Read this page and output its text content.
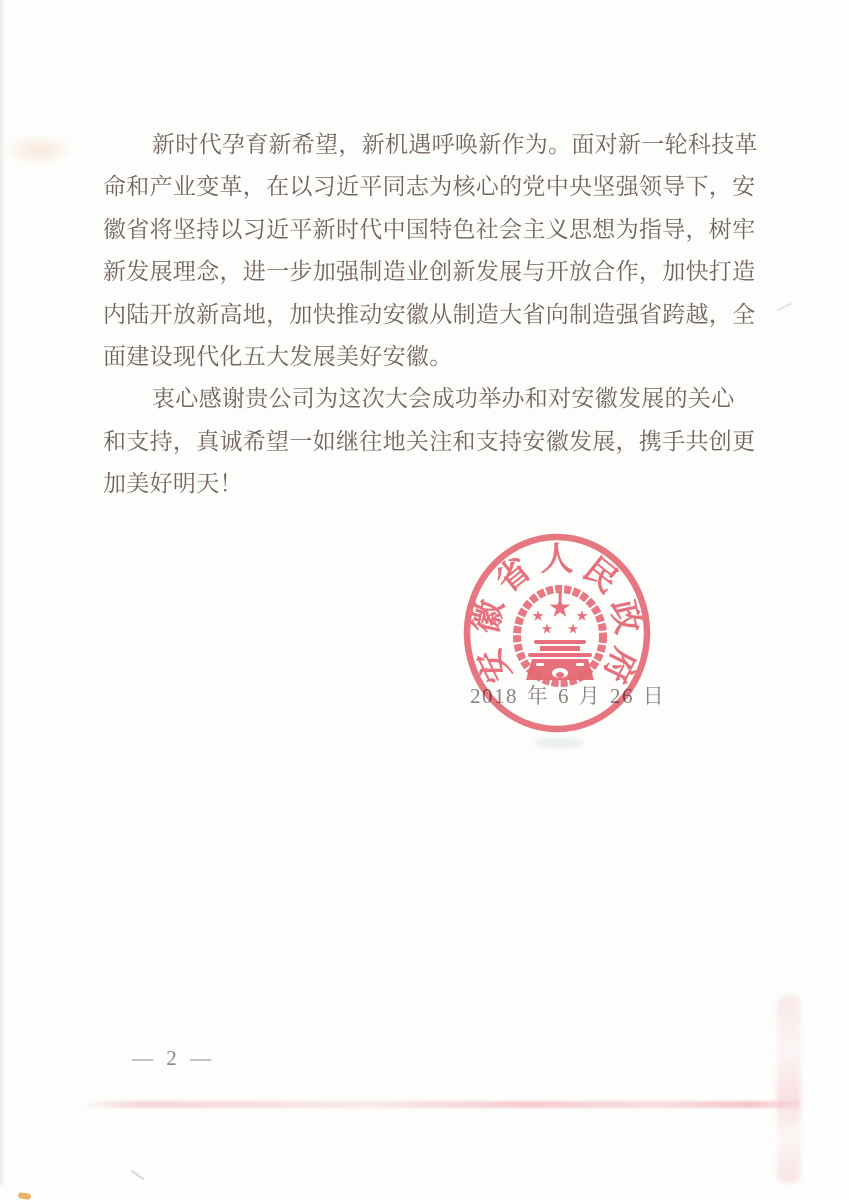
新时代孕育新希望，新机遇呼唤新作为。面对新一轮科技革
命和产业变革，在以习近平同志为核心的党中央坚强领导下，安
徽省将坚持以习近平新时代中国特色社会主义思想为指导，树牢
新发展理念，进一步加强制造业创新发展与开放合作，加快打造
内陆开放新高地，加快推动安徽从制造大省向制造强省跨越，全
面建设现代化五大发展美好安徽。
衷心感谢贵公司为这次大会成功举办和对安徽发展的关心
和支持，真诚希望一如继往地关注和支持安徽发展，携手共创更
加美好明天！
2018 年 6 月 26 日
安
徽
省 人 民
政
府
— 2 —
